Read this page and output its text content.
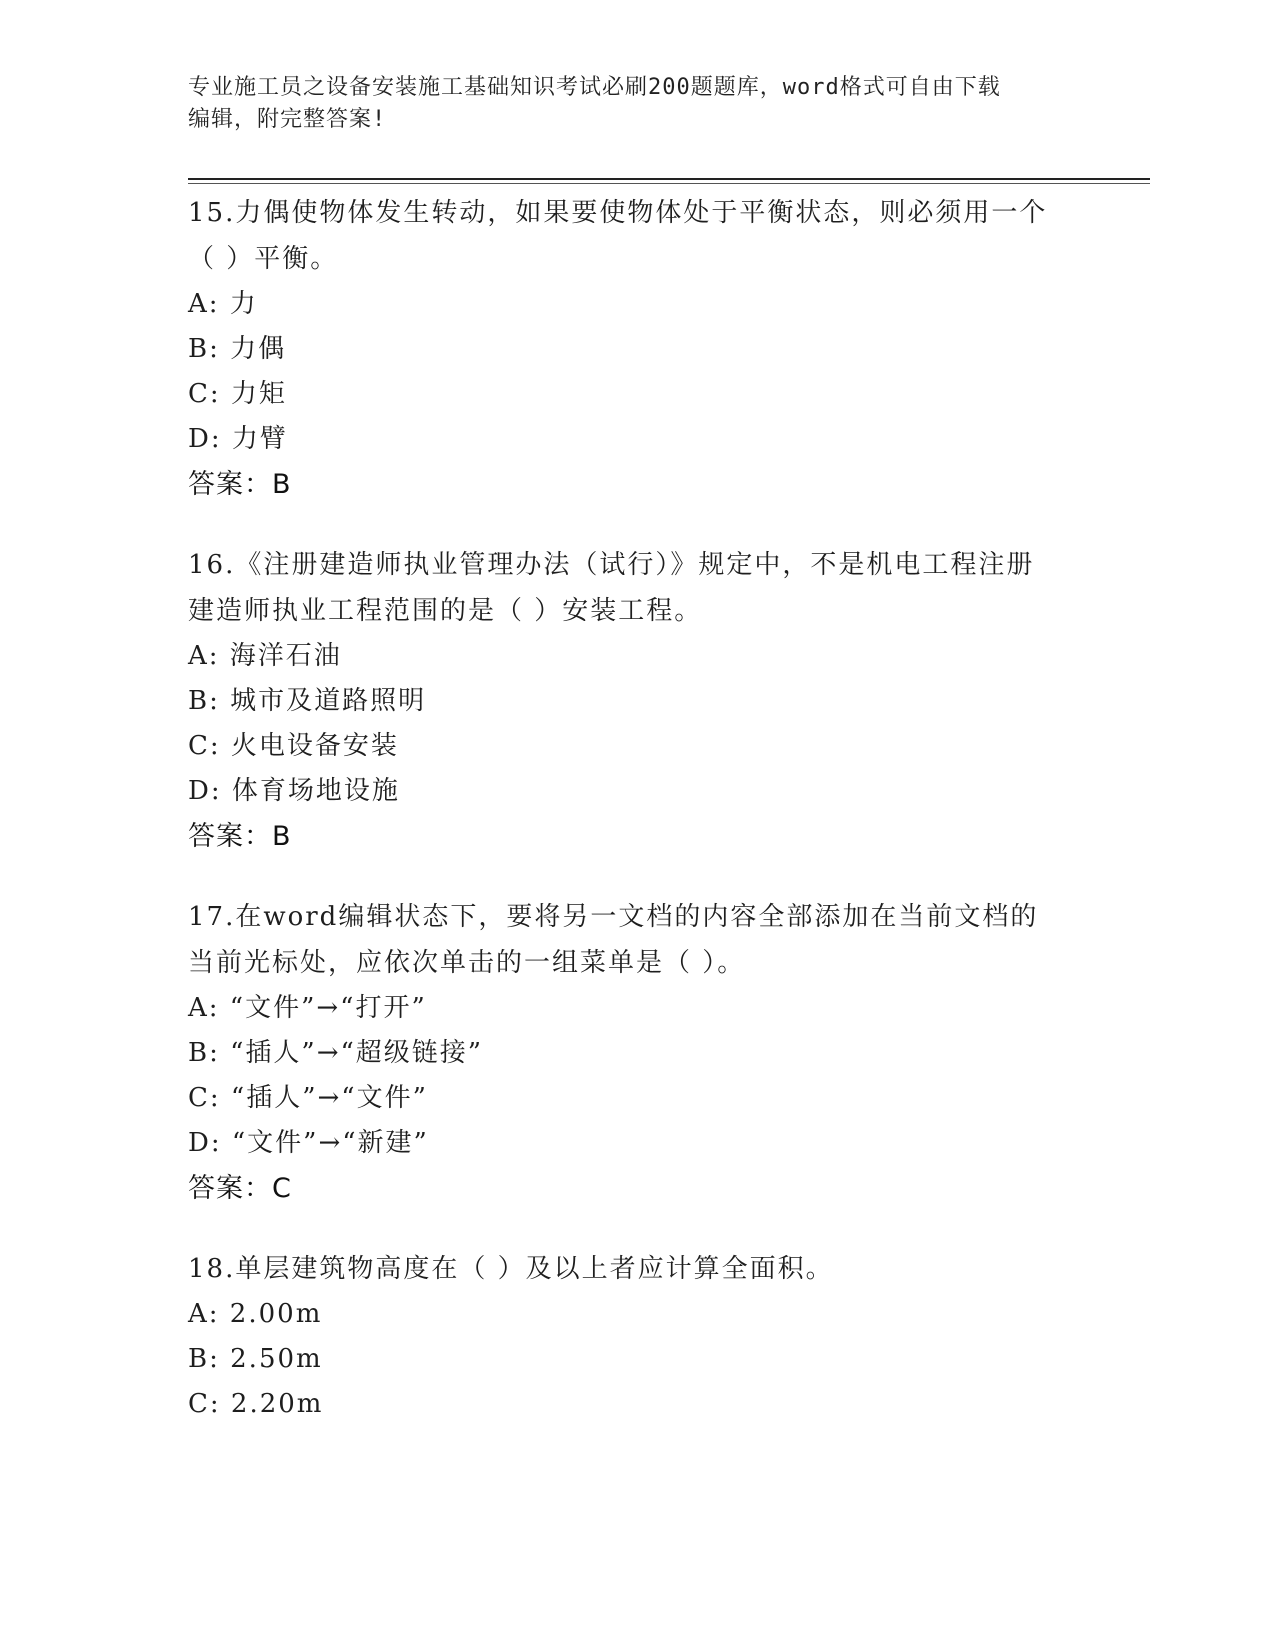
专业施工员之设备安装施工基础知识考试必刷200题题库，word格式可自由下载
编辑，附完整答案!
15.力偶使物体发生转动，如果要使物体处于平衡状态，则必须用一个
（ ）平衡。
A: 力
B: 力偶
C: 力矩
D: 力臂
答案：B
16.《注册建造师执业管理办法（试行）》规定中，不是机电工程注册
建造师执业工程范围的是（ ）安装工程。
A: 海洋石油
B: 城市及道路照明
C: 火电设备安装
D: 体育场地设施
答案：B
17.在word编辑状态下，要将另一文档的内容全部添加在当前文档的
当前光标处，应依次单击的一组菜单是（ ）。
A: “文件”→“打开”
B: “插人”→“超级链接”
C: “插人”→“文件”
D: “文件”→“新建”
答案：C
18.单层建筑物高度在（ ）及以上者应计算全面积。
A: 2.00m
B: 2.50m
C: 2.20m
